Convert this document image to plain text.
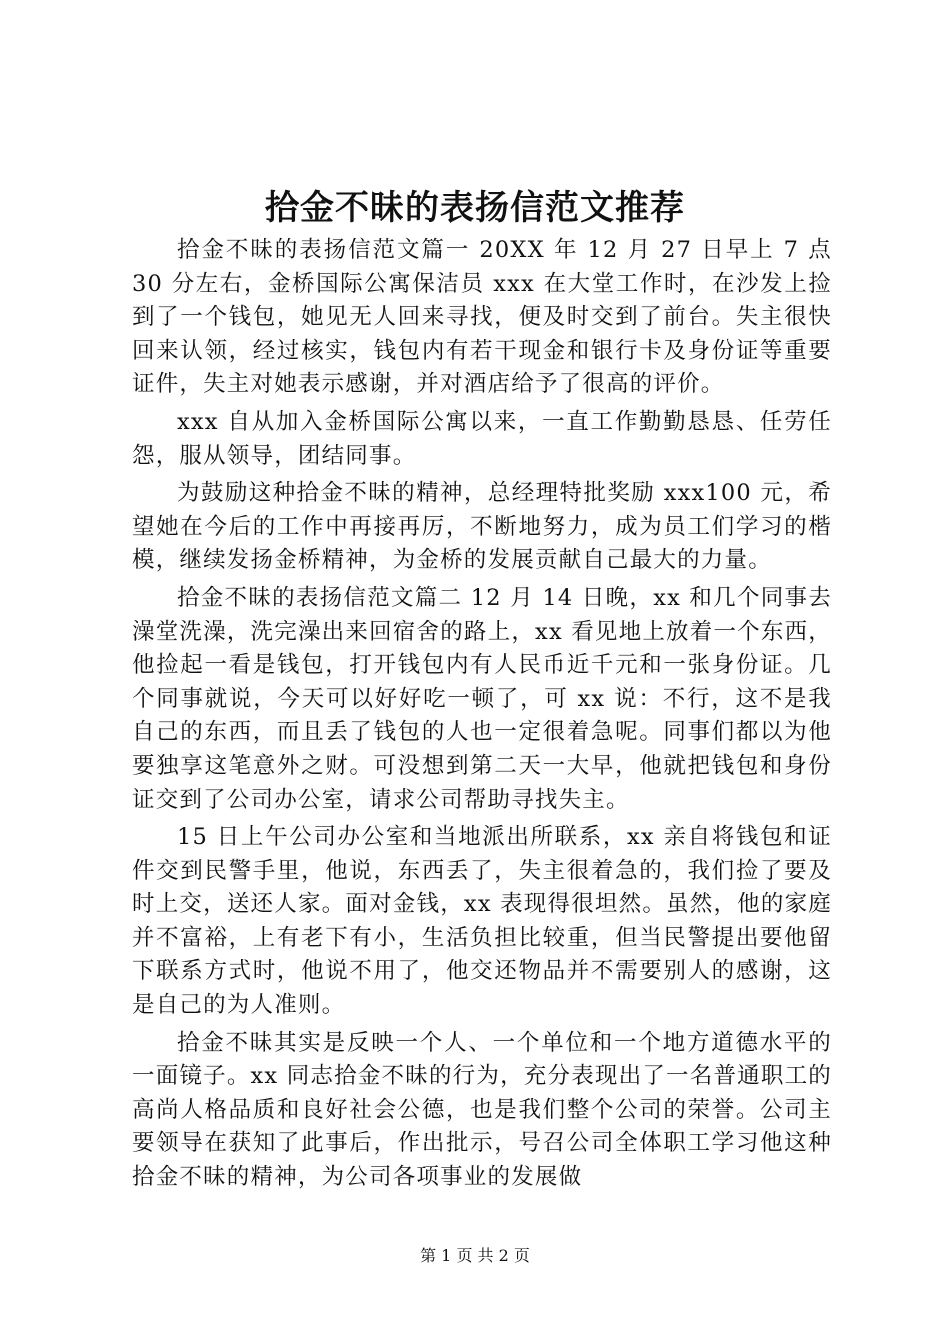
拾金不昧的表扬信范文推荐

拾金不昧的表扬信范文篇一 20XX 年 12 月 27 日早上 7 点 30 分左右，金桥国际公寓保洁员 xxx 在大堂工作时，在沙发上捡到了一个钱包，她见无人回来寻找，便及时交到了前台。失主很快回来认领，经过核实，钱包内有若干现金和银行卡及身份证等重要证件，失主对她表示感谢，并对酒店给予了很高的评价。

xxx 自从加入金桥国际公寓以来，一直工作勤勤恳恳、任劳任怨，服从领导，团结同事。

为鼓励这种拾金不昧的精神，总经理特批奖励 xxx100 元，希望她在今后的工作中再接再厉，不断地努力，成为员工们学习的楷模，继续发扬金桥精神，为金桥的发展贡献自己最大的力量。

拾金不昧的表扬信范文篇二 12 月 14 日晚，xx 和几个同事去澡堂洗澡，洗完澡出来回宿舍的路上，xx 看见地上放着一个东西，他捡起一看是钱包，打开钱包内有人民币近千元和一张身份证。几个同事就说，今天可以好好吃一顿了，可 xx 说：不行，这不是我自己的东西，而且丢了钱包的人也一定很着急呢。同事们都以为他要独享这笔意外之财。可没想到第二天一大早，他就把钱包和身份证交到了公司办公室，请求公司帮助寻找失主。

15 日上午公司办公室和当地派出所联系，xx 亲自将钱包和证件交到民警手里，他说，东西丢了，失主很着急的，我们捡了要及时上交，送还人家。面对金钱，xx 表现得很坦然。虽然，他的家庭并不富裕，上有老下有小，生活负担比较重，但当民警提出要他留下联系方式时，他说不用了，他交还物品并不需要别人的感谢，这是自己的为人准则。

拾金不昧其实是反映一个人、一个单位和一个地方道德水平的一面镜子。xx 同志拾金不昧的行为，充分表现出了一名普通职工的高尚人格品质和良好社会公德，也是我们整个公司的荣誉。公司主要领导在获知了此事后，作出批示，号召公司全体职工学习他这种拾金不昧的精神，为公司各项事业的发展做

第 1 页 共 2 页
